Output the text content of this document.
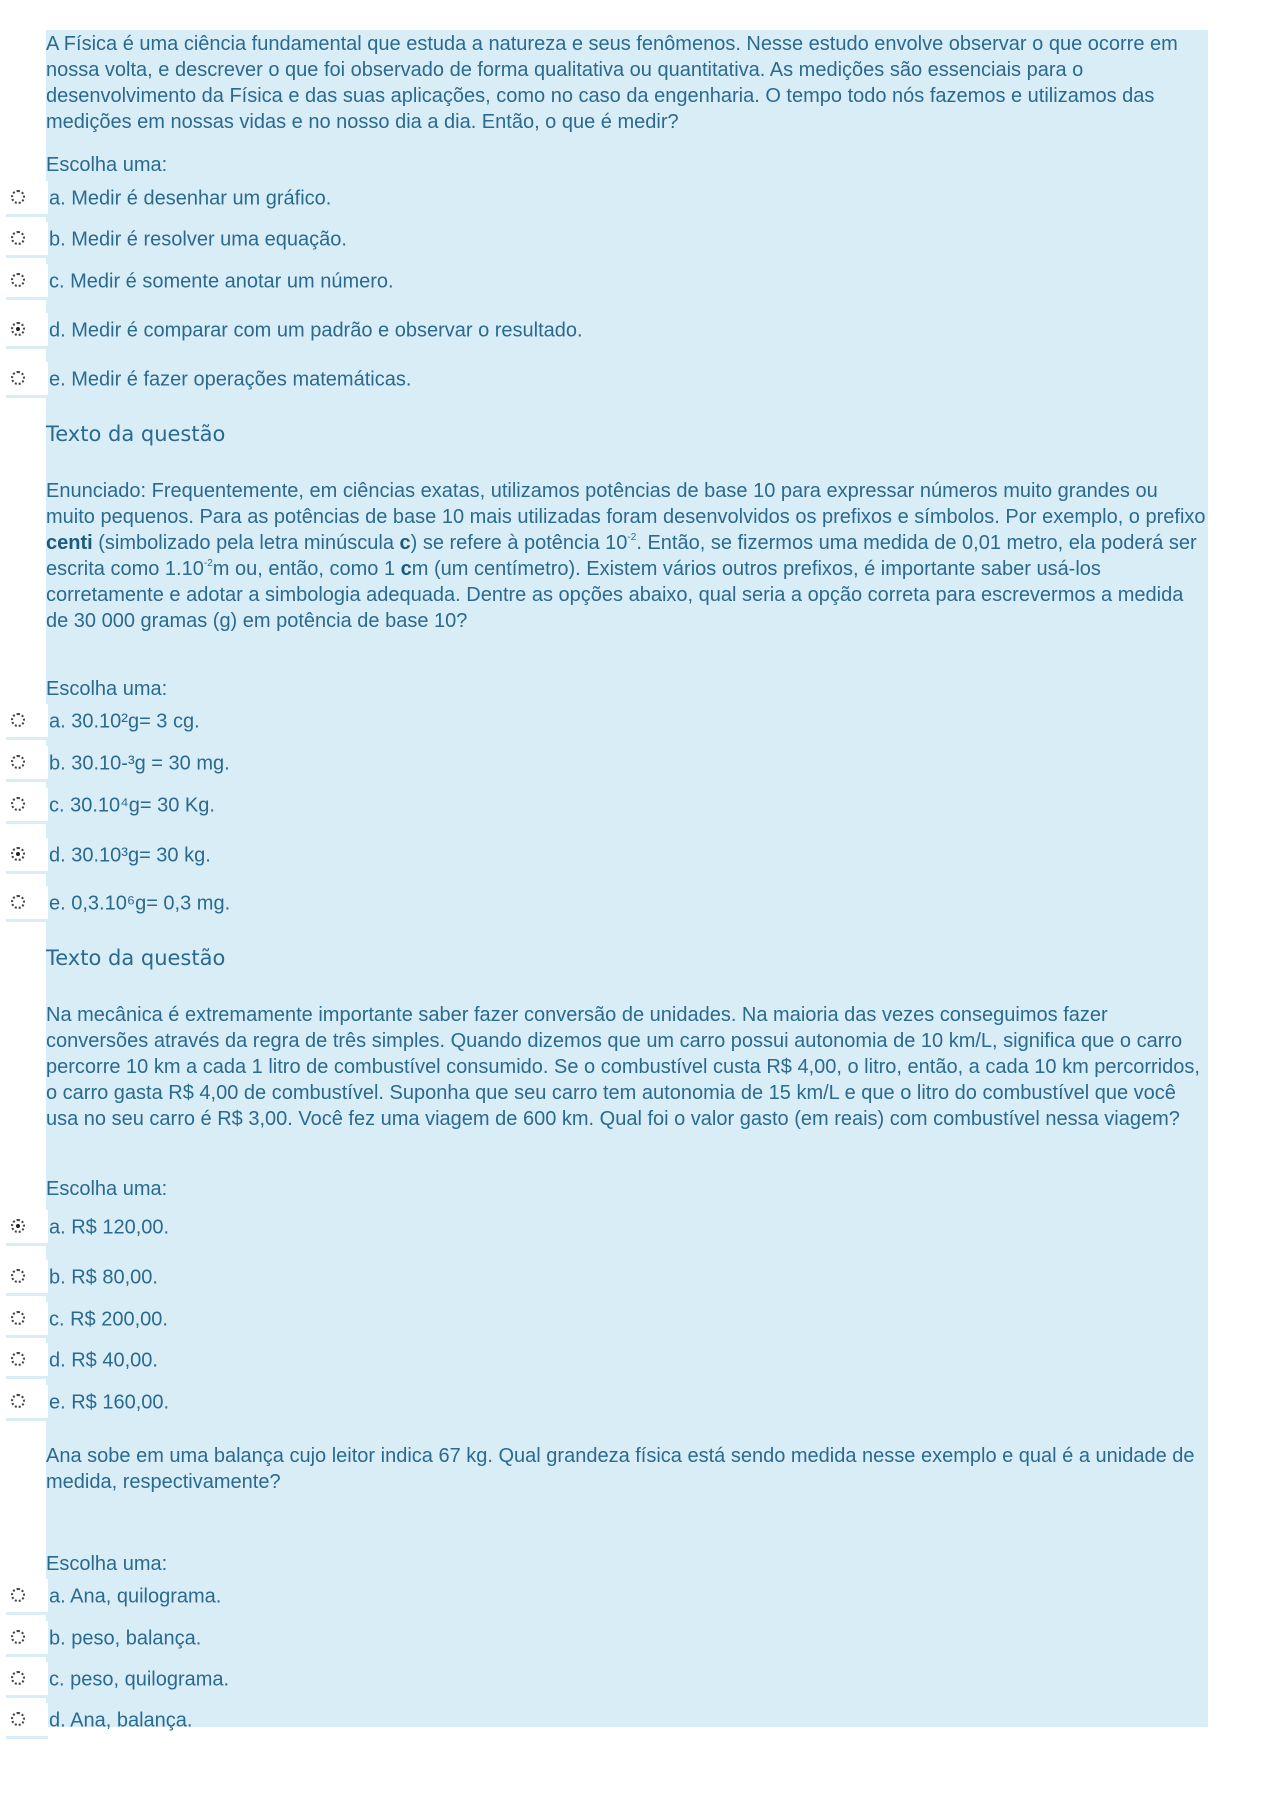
A Física é uma ciência fundamental que estuda a natureza e seus fenômenos. Nesse estudo envolve observar o que ocorre em nossa volta, e descrever o que foi observado de forma qualitativa ou quantitativa. As medições são essenciais para o desenvolvimento da Física e das suas aplicações, como no caso da engenharia. O tempo todo nós fazemos e utilizamos das medições em nossas vidas e no nosso dia a dia. Então, o que é medir?

Escolha uma:
a. Medir é desenhar um gráfico.
b. Medir é resolver uma equação.
c. Medir é somente anotar um número.
d. Medir é comparar com um padrão e observar o resultado.
e. Medir é fazer operações matemáticas.
Texto da questão

Enunciado: Frequentemente, em ciências exatas, utilizamos potências de base 10 para expressar números muito grandes ou muito pequenos. Para as potências de base 10 mais utilizadas foram desenvolvidos os prefixos e símbolos. Por exemplo, o prefixo centi (simbolizado pela letra minúscula c) se refere à potência $10^{-2}$. Então, se fizermos uma medida de 0,01 metro, ela poderá ser escrita como $1.10^{-2}m$ ou, então, como 1 cm (um centímetro). Existem vários outros prefixos, é importante saber usá-los corretamente e adotar a simbologia adequada. Dentre as opções abaixo, qual seria a opção correta para escrevermos a medida de 30 000 gramas (g) em potência de base 10?

Escolha uma:
a. 30.10²g= 3 cg.
b. 30.10-³g = 30 mg.
c. 30.10⁴g= 30 Kg.
d. 30.10³g= 30 kg.
e. 0,3.10⁶g= 0,3 mg.
Texto da questão

Na mecânica é extremamente importante saber fazer conversão de unidades. Na maioria das vezes conseguimos fazer conversões através da regra de três simples. Quando dizemos que um carro possui autonomia de 10 km/L, significa que o carro percorre 10 km a cada 1 litro de combustível consumido. Se o combustível custa R$ 4,00, o litro, então, a cada 10 km percorridos, o carro gasta R$ 4,00 de combustível. Suponha que seu carro tem autonomia de 15 km/L e que o litro do combustível que você usa no seu carro é R$ 3,00. Você fez uma viagem de 600 km. Qual foi o valor gasto (em reais) com combustível nessa viagem?

Escolha uma:
a. R$ 120,00.
b. R$ 80,00.
c. R$ 200,00.
d. R$ 40,00.
e. R$ 160,00.

Ana sobe em uma balança cujo leitor indica 67 kg. Qual grandeza física está sendo medida nesse exemplo e qual é a unidade de medida, respectivamente?

Escolha uma:
a. Ana, quilograma.
b. peso, balança.
c. peso, quilograma.
d. Ana, balança.
